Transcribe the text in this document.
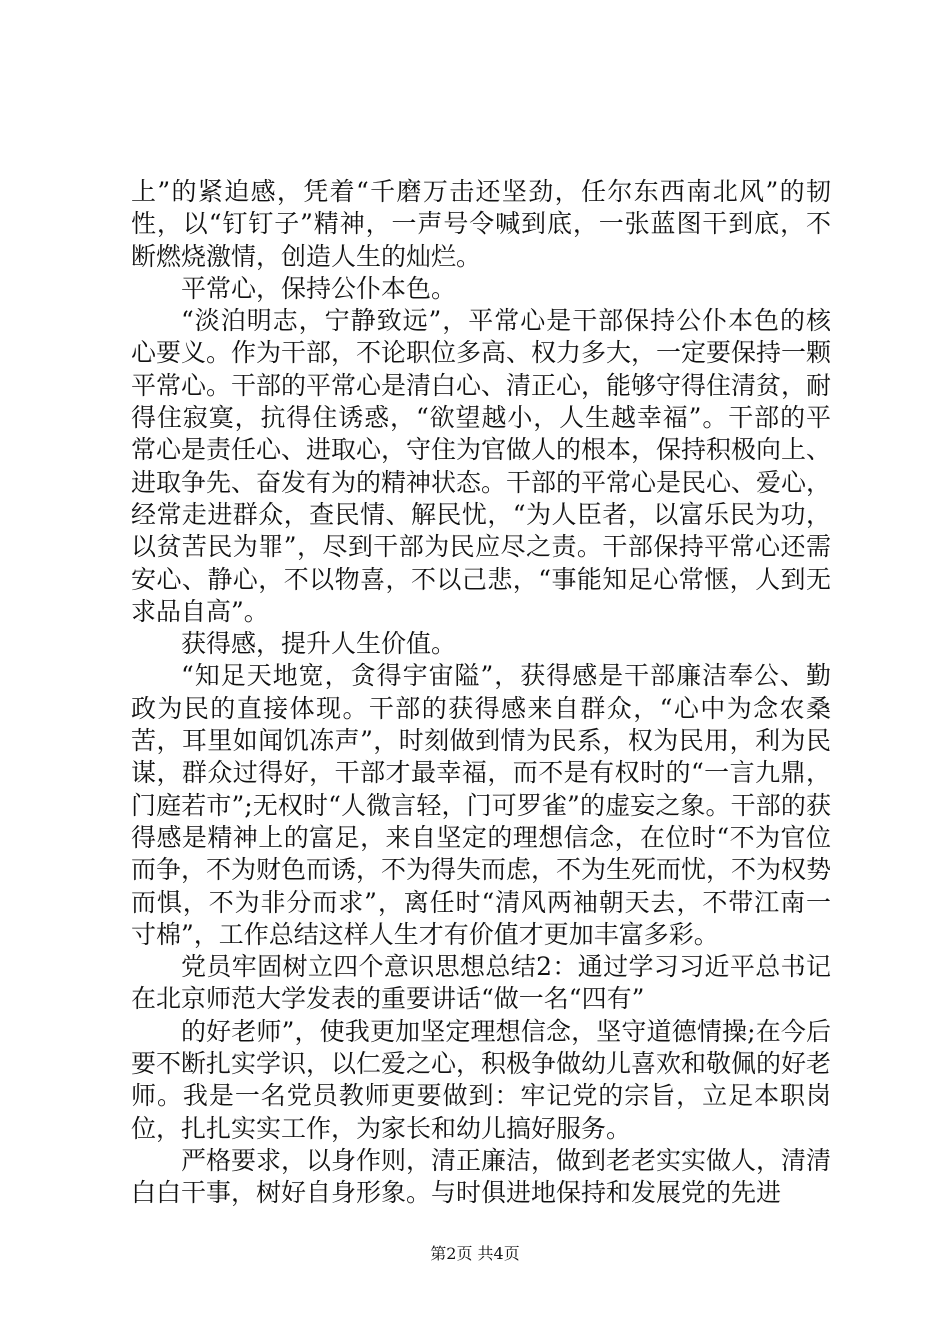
上”的紧迫感，凭着“千磨万击还坚劲，任尔东西南北风”的韧性，以“钉钉子”精神，一声号令喊到底，一张蓝图干到底，不断燃烧激情，创造人生的灿烂。

平常心，保持公仆本色。

“淡泊明志，宁静致远”，平常心是干部保持公仆本色的核心要义。作为干部，不论职位多高、权力多大，一定要保持一颗平常心。干部的平常心是清白心、清正心，能够守得住清贫，耐得住寂寞，抗得住诱惑，“欲望越小，人生越幸福”。干部的平常心是责任心、进取心，守住为官做人的根本，保持积极向上、进取争先、奋发有为的精神状态。干部的平常心是民心、爱心，经常走进群众，查民情、解民忧，“为人臣者，以富乐民为功，以贫苦民为罪”，尽到干部为民应尽之责。干部保持平常心还需安心、静心，不以物喜，不以己悲，“事能知足心常惬，人到无求品自高”。

获得感，提升人生价值。

“知足天地宽，贪得宇宙隘”，获得感是干部廉洁奉公、勤政为民的直接体现。干部的获得感来自群众，“心中为念农桑苦，耳里如闻饥冻声”，时刻做到情为民系，权为民用，利为民谋，群众过得好，干部才最幸福，而不是有权时的“一言九鼎，门庭若市”;无权时“人微言轻，门可罗雀”的虚妄之象。干部的获得感是精神上的富足，来自坚定的理想信念，在位时“不为官位而争，不为财色而诱，不为得失而虑，不为生死而忧，不为权势而惧，不为非分而求”，离任时“清风两袖朝天去，不带江南一寸棉”，工作总结这样人生才有价值才更加丰富多彩。

党员牢固树立四个意识思想总结2：通过学习习近平总书记在北京师范大学发表的重要讲话“做一名“四有”

的好老师”，使我更加坚定理想信念，坚守道德情操;在今后要不断扎实学识，以仁爱之心，积极争做幼儿喜欢和敬佩的好老师。我是一名党员教师更要做到：牢记党的宗旨，立足本职岗位，扎扎实实工作，为家长和幼儿搞好服务。

严格要求，以身作则，清正廉洁，做到老老实实做人，清清白白干事，树好自身形象。与时俱进地保持和发展党的先进

第2页 共4页
